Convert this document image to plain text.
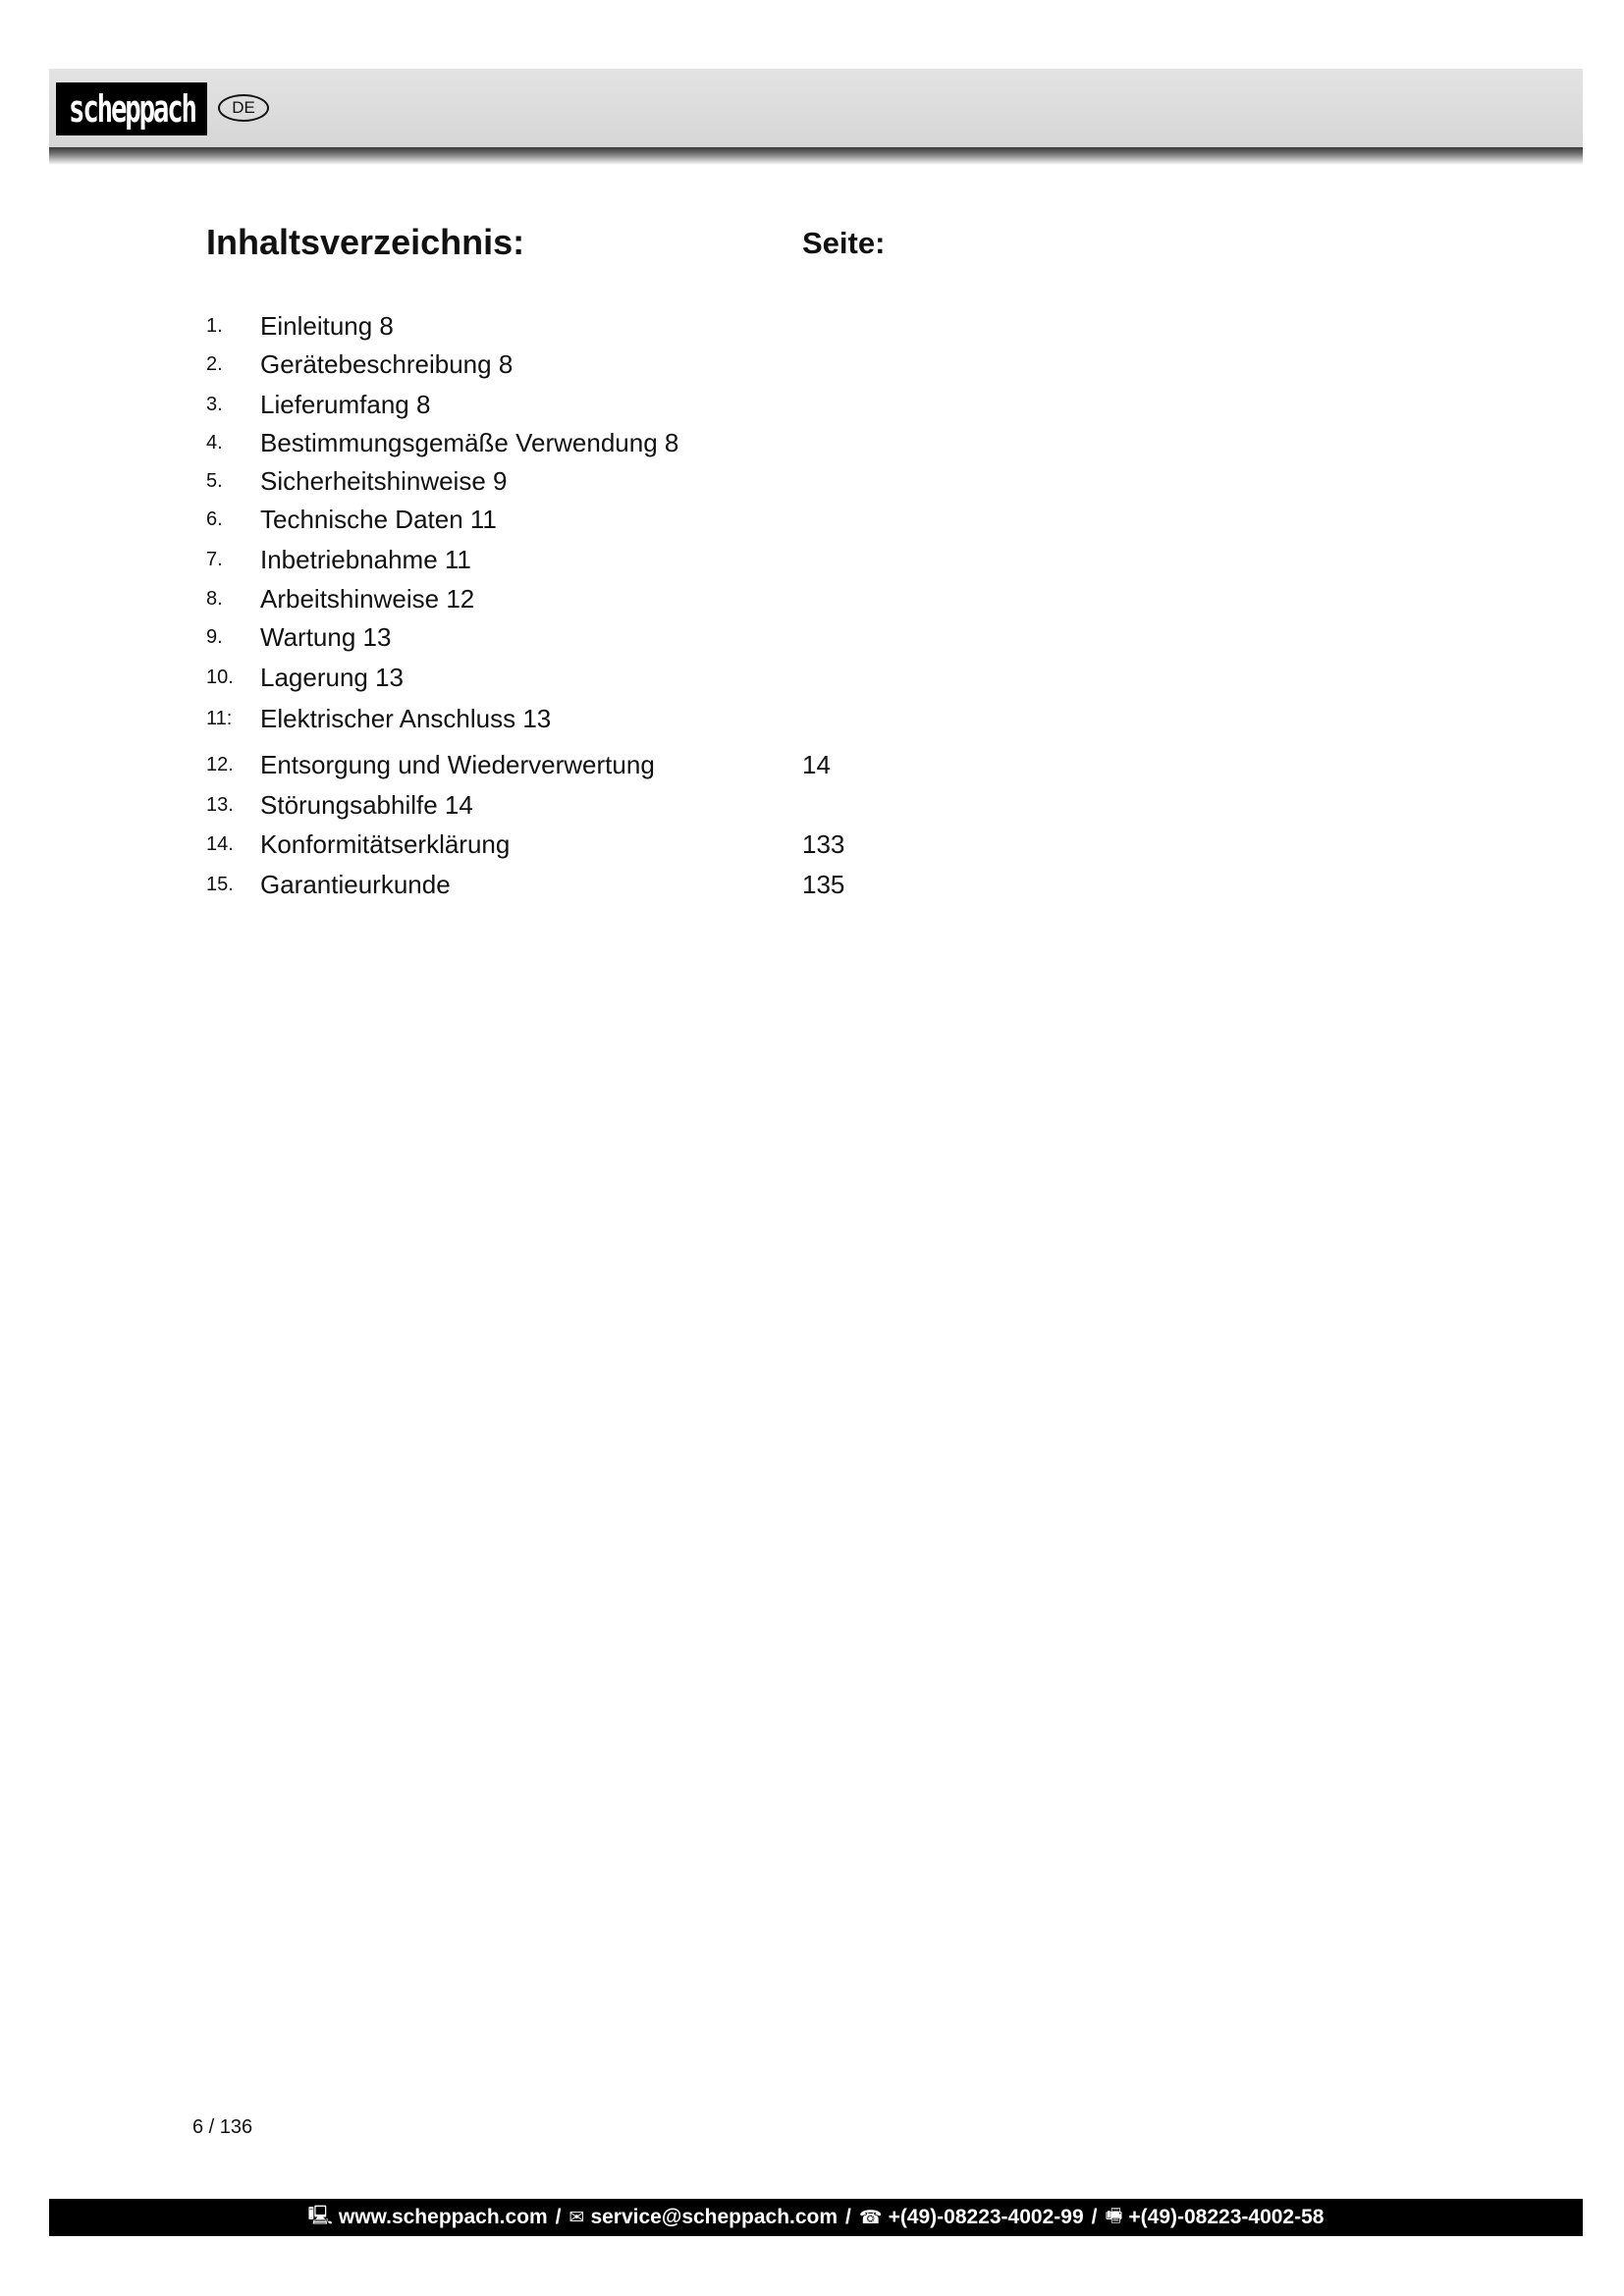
scheppach	DE
Inhaltsverzeichnis:	Seite:
1. Einleitung 8
2. Gerätebeschreibung 8
3. Lieferumfang 8
4. Bestimmungsgemäße Verwendung 8
5. Sicherheitshinweise 9
6. Technische Daten 11
7. Inbetriebnahme 11
8. Arbeitshinweise 12
9. Wartung 13
10. Lagerung 13
11: Elektrischer Anschluss 13
12. Entsorgung und Wiederverwertung	14
13. Störungsabhilfe 14
14. Konformitätserklärung	133
15. Garantieurkunde	135
6 / 136
🖳 www.scheppach.com / ✉ service@scheppach.com / ☎ +(49)-08223-4002-99 / 🖷 +(49)-08223-4002-58
